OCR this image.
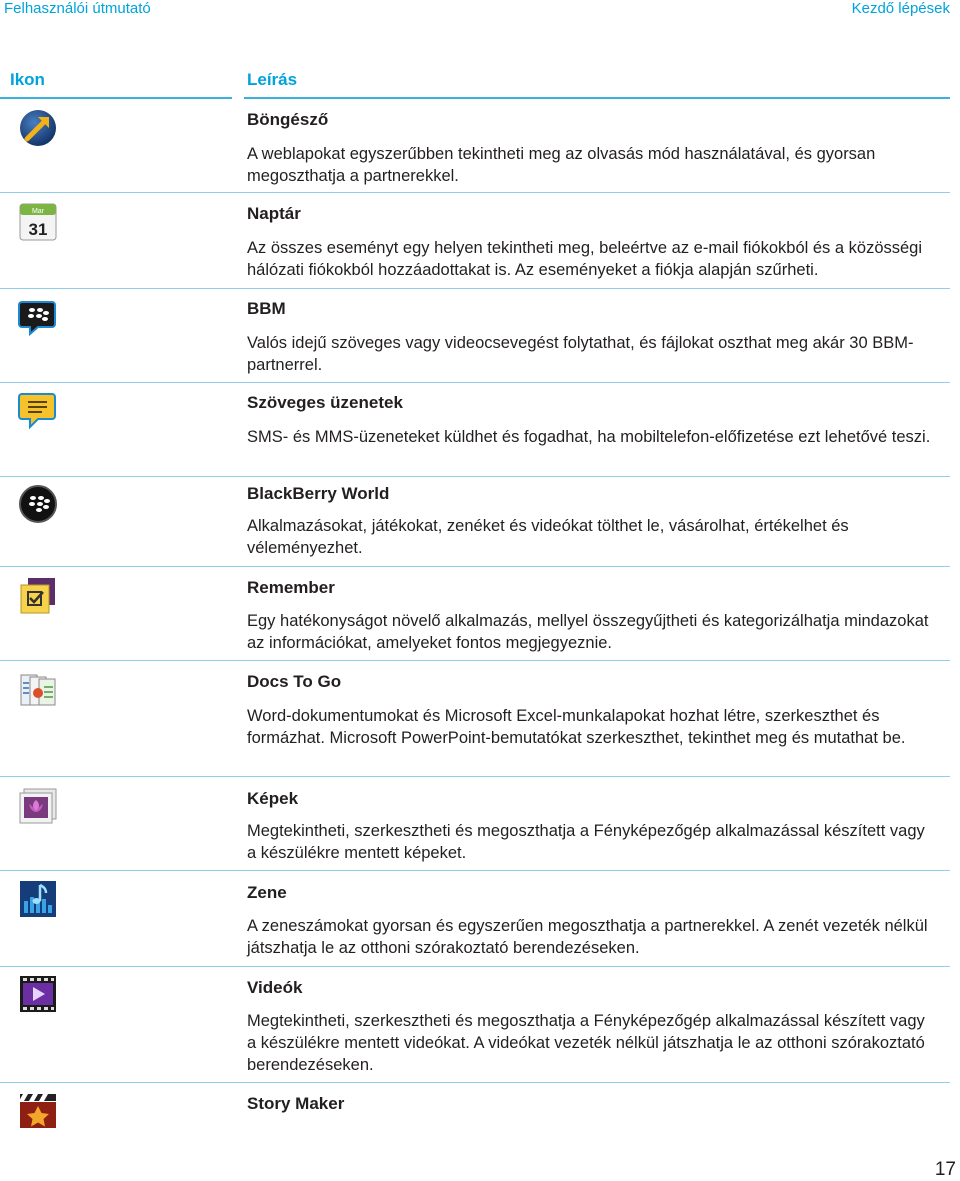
Felhasználói útmutató	Kezdő lépések
Ikon	Leírás
Böngésző
A weblapokat egyszerűbben tekintheti meg az olvasás mód használatával, és gyorsan megoszthatja a partnerekkel.
Mar
31
Naptár
Az összes eseményt egy helyen tekintheti meg, beleértve az e-mail fiókokból és a közösségi hálózati fiókokból hozzáadottakat is. Az eseményeket a fiókja alapján szűrheti.
BBM
Valós idejű szöveges vagy videocsevegést folytathat, és fájlokat oszthat meg akár 30 BBM-partnerrel.
Szöveges üzenetek
SMS- és MMS-üzeneteket küldhet és fogadhat, ha mobiltelefon-előfizetése ezt lehetővé teszi.
BlackBerry World
Alkalmazásokat, játékokat, zenéket és videókat tölthet le, vásárolhat, értékelhet és véleményezhet.
Remember
Egy hatékonyságot növelő alkalmazás, mellyel összegyűjtheti és kategorizálhatja mindazokat az információkat, amelyeket fontos megjegyeznie.
Docs To Go
Word-dokumentumokat és Microsoft Excel-munkalapokat hozhat létre, szerkeszthet és formázhat. Microsoft PowerPoint-bemutatókat szerkeszthet, tekinthet meg és mutathat be.
Képek
Megtekintheti, szerkesztheti és megoszthatja a Fényképezőgép alkalmazással készített vagy a készülékre mentett képeket.
Zene
A zeneszámokat gyorsan és egyszerűen megoszthatja a partnerekkel. A zenét vezeték nélkül játszhatja le az otthoni szórakoztató berendezéseken.
Videók
Megtekintheti, szerkesztheti és megoszthatja a Fényképezőgép alkalmazással készített vagy a készülékre mentett videókat. A videókat vezeték nélkül játszhatja le az otthoni szórakoztató berendezéseken.
Story Maker
17
